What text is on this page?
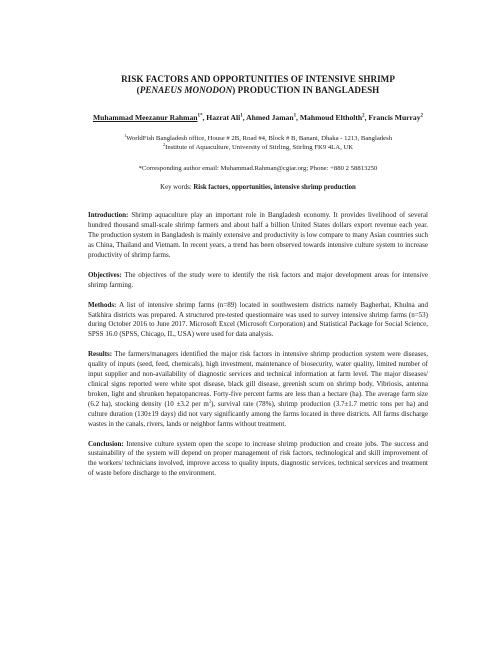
RISK FACTORS AND OPPORTUNITIES OF INTENSIVE SHRIMP
(PENAEUS MONODON) PRODUCTION IN BANGLADESH
Muhammad Meezanur Rahman$^{1*}$, Hazrat Ali$^1$, Ahmed Jaman$^1$, Mahmoud Eltholth$^2$, Francis Murray$^2$
$^1$WorldFish Bangladesh office, House # 2B, Road #4, Block # B, Banani, Dhaka - 1213, Bangladesh
$^2$Institute of Aquaculture, University of Stirling, Stirling FK9 4LA, UK
*Corresponding author email: Muhammad.Rahman@cgiar.org; Phone: +880 2 58813250
Key words: Risk factors, opportunities, intensive shrimp production

Introduction: Shrimp aquaculture play an important role in Bangladesh economy. It provides livelihood of several hundred thousand small-scale shrimp farmers and about half a billion United States dollars export revenue each year. The production system in Bangladesh is mainly extensive and productivity is low compare to many Asian countries such as China, Thailand and Vietnam. In recent years, a trend has been observed towards intensive culture system to increase productivity of shrimp farms.

Objectives: The objectives of the study were to identify the risk factors and major development areas for intensive shrimp farming.

Methods: A list of intensive shrimp farms (n=89) located in southwestern districts namely Bagherhat, Khulna and Satkhira districts was prepared. A structured pre-tested questionnaire was used to survey intensive shrimp farms (n=53) during October 2016 to June 2017. Microsoft Excel (Microsoft Corporation) and Statistical Package for Social Science, SPSS 16.0 (SPSS, Chicago, IL, USA) were used for data analysis.

Results: The farmers/managers identified the major risk factors in intensive shrimp production system were diseases, quality of inputs (seed, feed, chemicals), high investment, maintenance of biosecurity, water quality, limited number of input supplier and non-availability of diagnostic services and technical information at farm level. The major diseases/ clinical signs reported were white spot disease, black gill disease, greenish scum on shrimp body, Vibriosis, antenna broken, light and shrunken hepatopancreas. Forty-five percent farms are less than a hectare (ha). The average farm size (6.2 ha), stocking density (10 ±3.2 per $m^2$), survival rate (78%), shrimp production (3.7±1.7 metric tons per ha) and culture duration (130±19 days) did not vary significantly among the farms located in three districts. All farms discharge wastes in the canals, rivers, lands or neighbor farms without treatment.

Conclusion: Intensive culture system open the scope to increase shrimp production and create jobs. The success and sustainability of the system will depend on proper management of risk factors, technological and skill improvement of the workers/ technicians involved, improve access to quality inputs, diagnostic services, technical services and treatment of waste before discharge to the environment.
